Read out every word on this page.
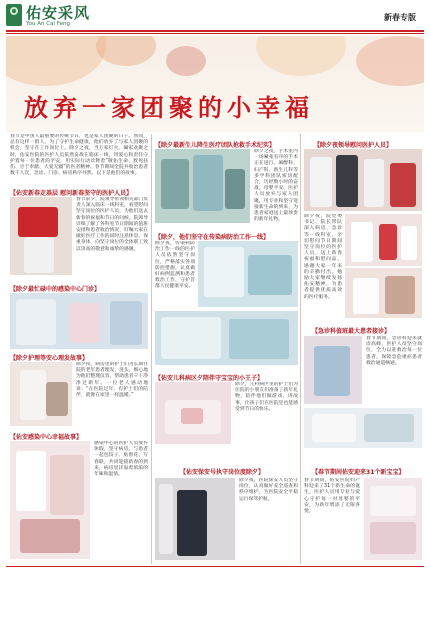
佑安采风
You An Cai Feng
新春专版
放弃一家团聚的小幸福
春节是中国人最重要的传统节日，也是家人团聚的日子。然而，总有这样一群人，为了守护生命健康，他们放弃了与家人团聚的机会，坚守在工作岗位上。除夕之夜，当万家灯火、阖家欢聚之时，佑安医院的医护人员依然奋战在临床一线，用爱心和责任守护着每一位患者的平安，用实际行动诠释着“敬佑生命、救死扶伤、甘于奉献、大爱无疆”的医者精神。春节期间全院共收治患者数千人次，急诊、门诊、病房秩序井然，以下是他们的故事。
【 佑安新春走基层 慰问新春坚守的医护人员 】
春节前夕，院领导带领相关部门负责人深入临床一线科室，看望慰问坚守岗位的医护人员，为他们送去新春的祝福和节日的问候。院领导详细了解了各科室节日期间的值班安排和患者收治情况，叮嘱大家在做好医疗工作的同时注意休息、保重身体，向坚守岗位的全体职工致以崇高的敬意和诚挚的感谢。
【 除夕最忙碌中的感染中心门诊 】
【 除夕护理等安心理发故事 】
除夕夜，病房里的护士们为长期住院的老年患者理发、洗头，细心地为他们整理仪容，帮助患者干干净净过新年。一位老人感动地说：“在医院过年，有护士们的陪伴，就像在家里一样温暖。”
【 佑安感染中心幸福故事 】
感染中心的医护人员放弃休假，坚守病房，与患者一起包饺子、贴窗花、写春联，共同迎接新春的到来，病房里洋溢着浓浓的年味和温情。
【 除夕最新生儿降生医疗团队抢救手术纪实 】
除夕之夜，手术室内一场紧张有序的手术正在进行。麻醉科、妇产科、新生儿科等多学科团队密切配合，历经数小时的奋战，母婴平安。医护人员放弃与家人团聚，用专业和坚守迎接新生命的到来，为患者家庭送上最珍贵的新年礼物。
【 除夕，他们坚守在传染病防治工作一线 】
除夕夜，传染病防治工作一线的医护人员依然坚守岗位，严格落实各项防控措施，认真做好病例监测和患者救治工作，守护首都人民健康平安。
【 佑安儿科病区夕陪伴守宝宝的小王子 】
除夕，儿科病区里的护士们为住院的小朋友们准备了新年礼物，陪伴他们做游戏、讲故事，让孩子们在医院里也能感受到节日的快乐。
【 佑安保安号执守岗位度除夕 】
除夕夜，医院保安人员坚守岗位，认真做好安全巡查和秩序维护，为医院安全平稳运行保驾护航。
【 除夕夜领导慰问医护人员 】
除夕夜，院党委书记、院长带队深入病房、急诊等一线科室，亲切慰问节日期间坚守岗位的医护人员，送上新春祝福和慰问品，感谢大家一年来的辛勤付出，勉励大家继续发扬佑安精神，为患者提供优质高效的医疗服务。
【 急诊科值班最大患者接诊 】
春节期间，急诊科迎来就诊高峰，医护人员坚守岗位，全力以赴救治每一位患者，保障急危重症患者救治通道畅通。
【 春节期间佑安迎来31个新宝宝 】
春节期间，佑安医院妇产科迎来了31个新生命的诞生，医护人员用专业与爱心守护每一对母婴的平安，为新年增添了无限喜悦。
